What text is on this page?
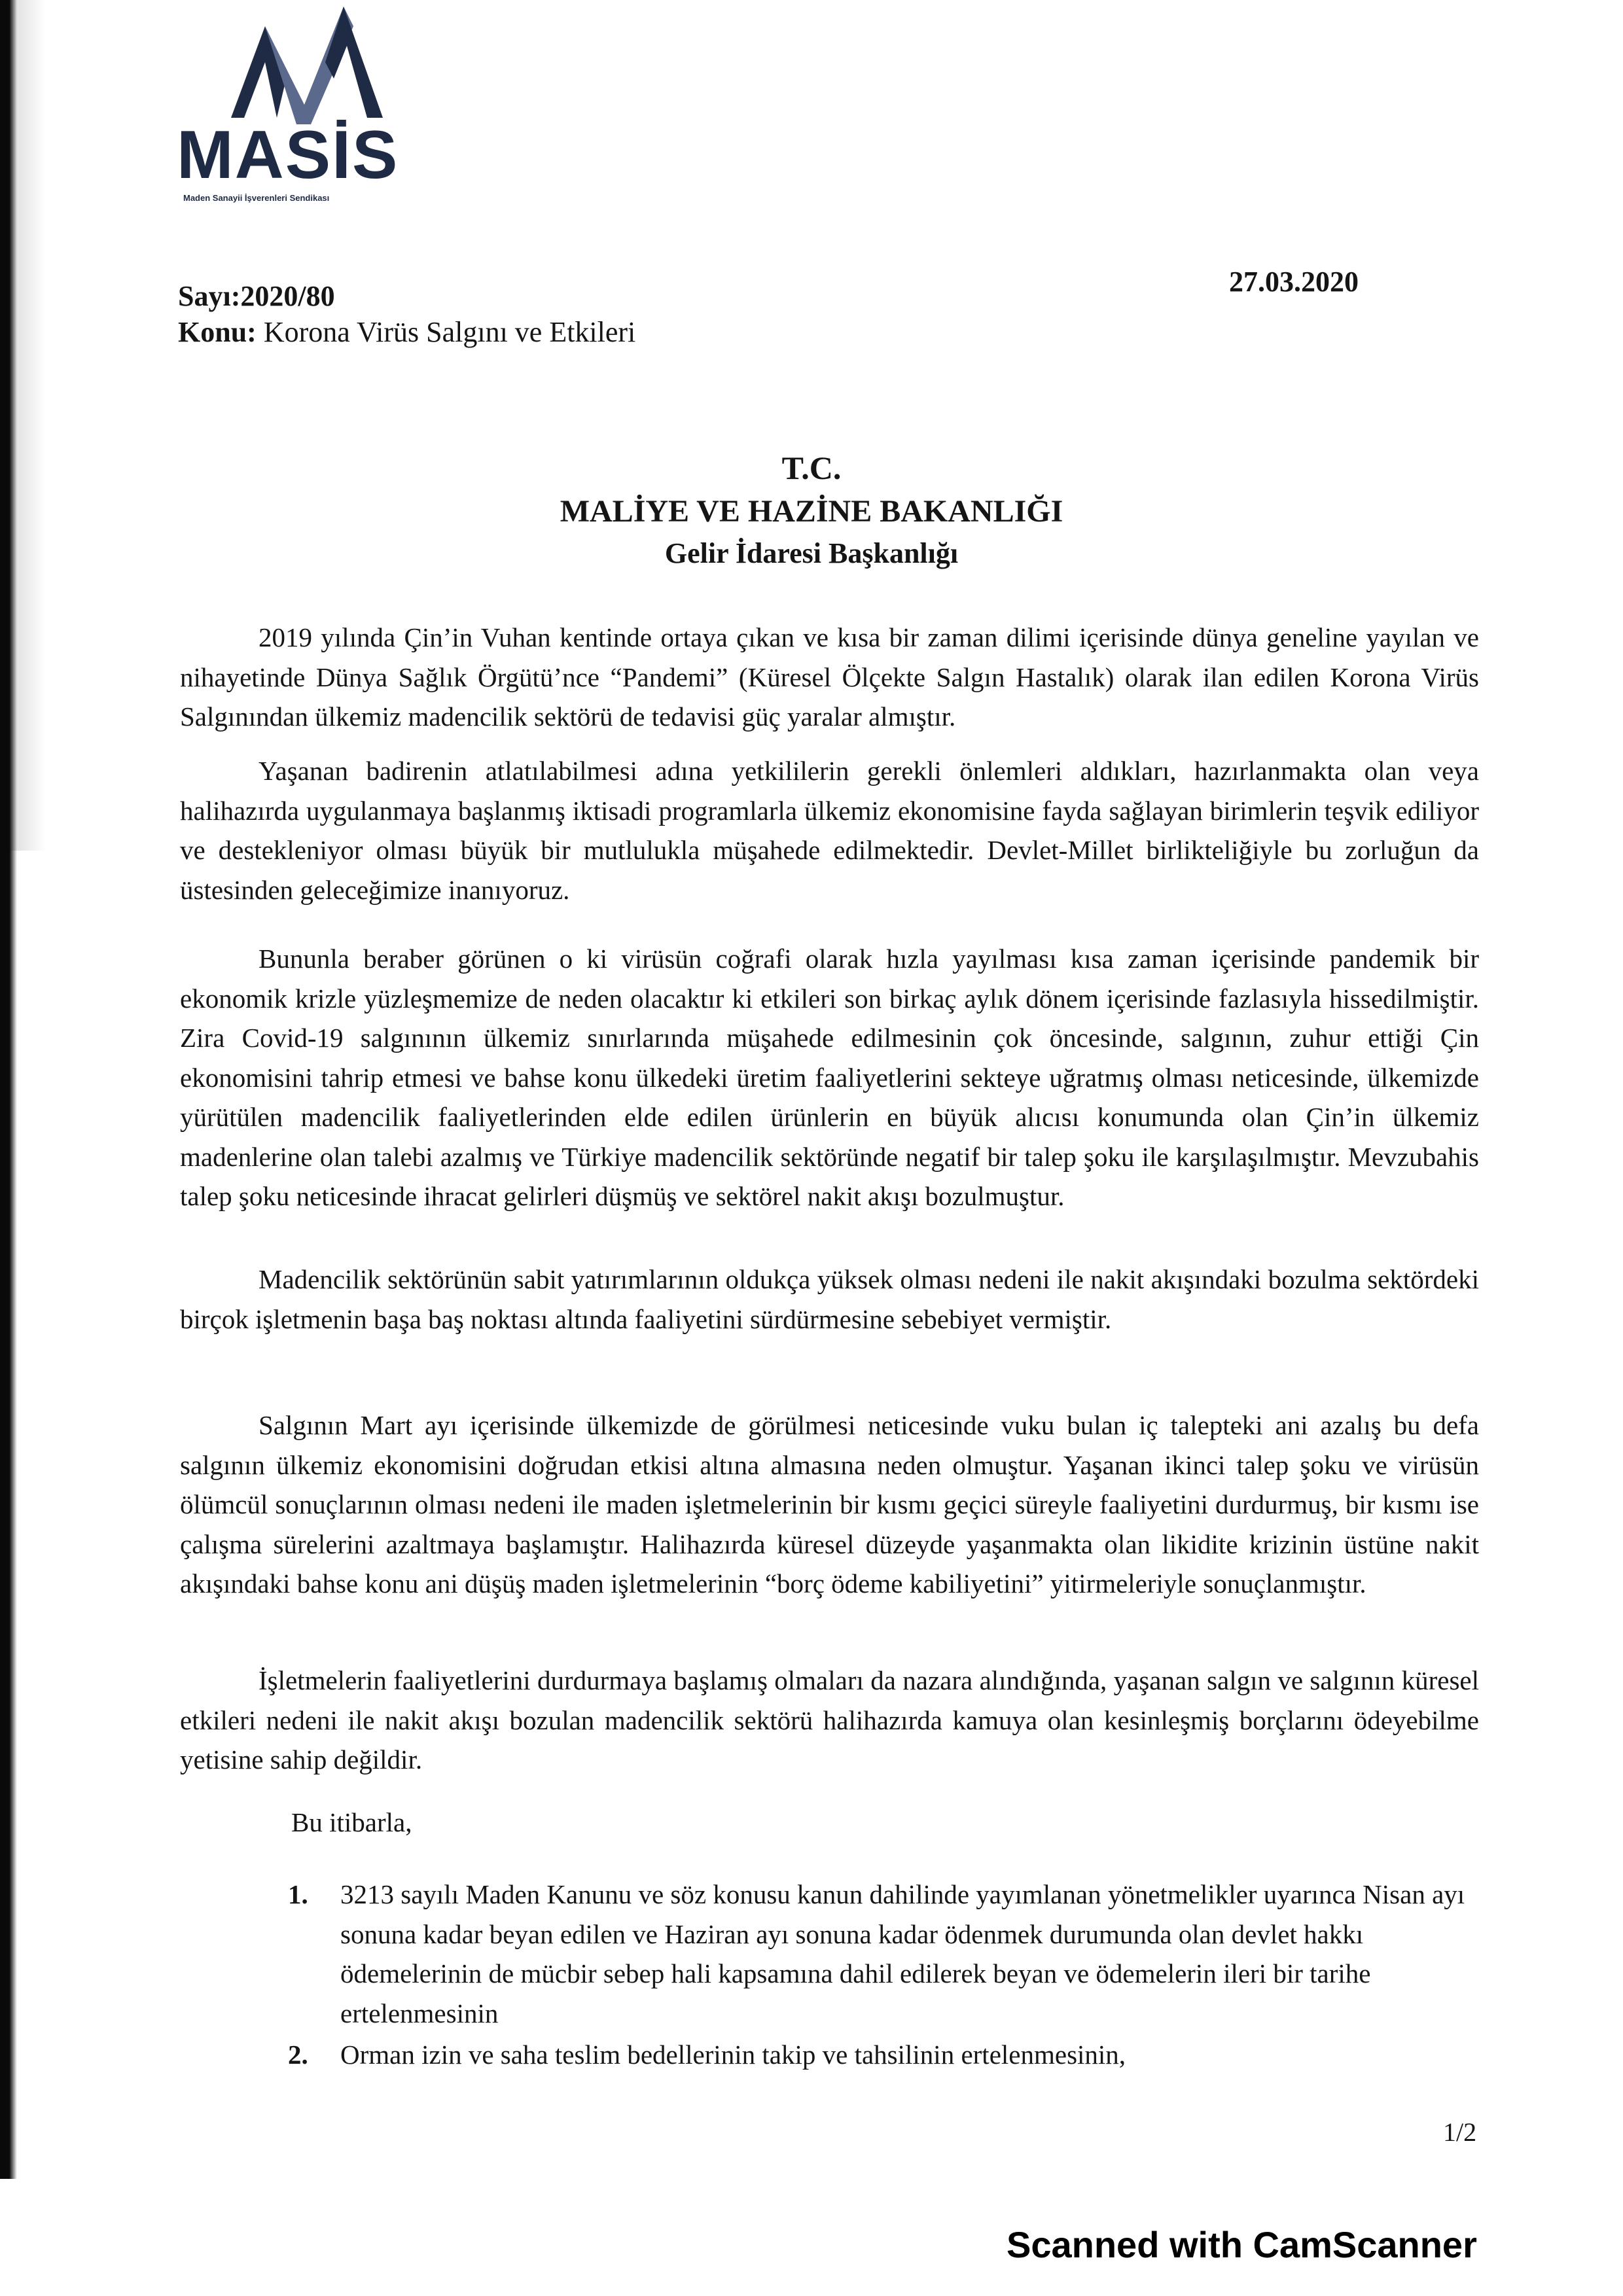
MASİS
Maden Sanayii İşverenleri Sendikası
Sayı:2020/80
Konu: Korona Virüs Salgını ve Etkileri
27.03.2020
T.C.
MALİYE VE HAZİNE BAKANLIĞI
Gelir İdaresi Başkanlığı
2019 yılında Çin’in Vuhan kentinde ortaya çıkan ve kısa bir zaman dilimi içerisinde dünya geneline yayılan ve nihayetinde Dünya Sağlık Örgütü’nce “Pandemi” (Küresel Ölçekte Salgın Hastalık) olarak ilan edilen Korona Virüs Salgınından ülkemiz madencilik sektörü de tedavisi güç yaralar almıştır.
Yaşanan badirenin atlatılabilmesi adına yetkililerin gerekli önlemleri aldıkları, hazırlanmakta olan veya halihazırda uygulanmaya başlanmış iktisadi programlarla ülkemiz ekonomisine fayda sağlayan birimlerin teşvik ediliyor ve destekleniyor olması büyük bir mutlulukla müşahede edilmektedir. Devlet-Millet birlikteliğiyle bu zorluğun da üstesinden geleceğimize inanıyoruz.
Bununla beraber görünen o ki virüsün coğrafi olarak hızla yayılması kısa zaman içerisinde pandemik bir ekonomik krizle yüzleşmemize de neden olacaktır ki etkileri son birkaç aylık dönem içerisinde fazlasıyla hissedilmiştir. Zira Covid-19 salgınının ülkemiz sınırlarında müşahede edilmesinin çok öncesinde, salgının, zuhur ettiği Çin ekonomisini tahrip etmesi ve bahse konu ülkedeki üretim faaliyetlerini sekteye uğratmış olması neticesinde, ülkemizde yürütülen madencilik faaliyetlerinden elde edilen ürünlerin en büyük alıcısı konumunda olan Çin’in ülkemiz madenlerine olan talebi azalmış ve Türkiye madencilik sektöründe negatif bir talep şoku ile karşılaşılmıştır. Mevzubahis talep şoku neticesinde ihracat gelirleri düşmüş ve sektörel nakit akışı bozulmuştur.
Madencilik sektörünün sabit yatırımlarının oldukça yüksek olması nedeni ile nakit akışındaki bozulma sektördeki birçok işletmenin başa baş noktası altında faaliyetini sürdürmesine sebebiyet vermiştir.
Salgının Mart ayı içerisinde ülkemizde de görülmesi neticesinde vuku bulan iç talepteki ani azalış bu defa salgının ülkemiz ekonomisini doğrudan etkisi altına almasına neden olmuştur. Yaşanan ikinci talep şoku ve virüsün ölümcül sonuçlarının olması nedeni ile maden işletmelerinin bir kısmı geçici süreyle faaliyetini durdurmuş, bir kısmı ise çalışma sürelerini azaltmaya başlamıştır. Halihazırda küresel düzeyde yaşanmakta olan likidite krizinin üstüne nakit akışındaki bahse konu ani düşüş maden işletmelerinin “borç ödeme kabiliyetini” yitirmeleriyle sonuçlanmıştır.
İşletmelerin faaliyetlerini durdurmaya başlamış olmaları da nazara alındığında, yaşanan salgın ve salgının küresel etkileri nedeni ile nakit akışı bozulan madencilik sektörü halihazırda kamuya olan kesinleşmiş borçlarını ödeyebilme yetisine sahip değildir.
Bu itibarla,
1.	3213 sayılı Maden Kanunu ve söz konusu kanun dahilinde yayımlanan yönetmelikler uyarınca Nisan ayı sonuna kadar beyan edilen ve Haziran ayı sonuna kadar ödenmek durumunda olan devlet hakkı ödemelerinin de mücbir sebep hali kapsamına dahil edilerek beyan ve ödemelerin ileri bir tarihe ertelenmesinin
2.	Orman izin ve saha teslim bedellerinin takip ve tahsilinin ertelenmesinin,
1/2
Scanned with CamScanner
